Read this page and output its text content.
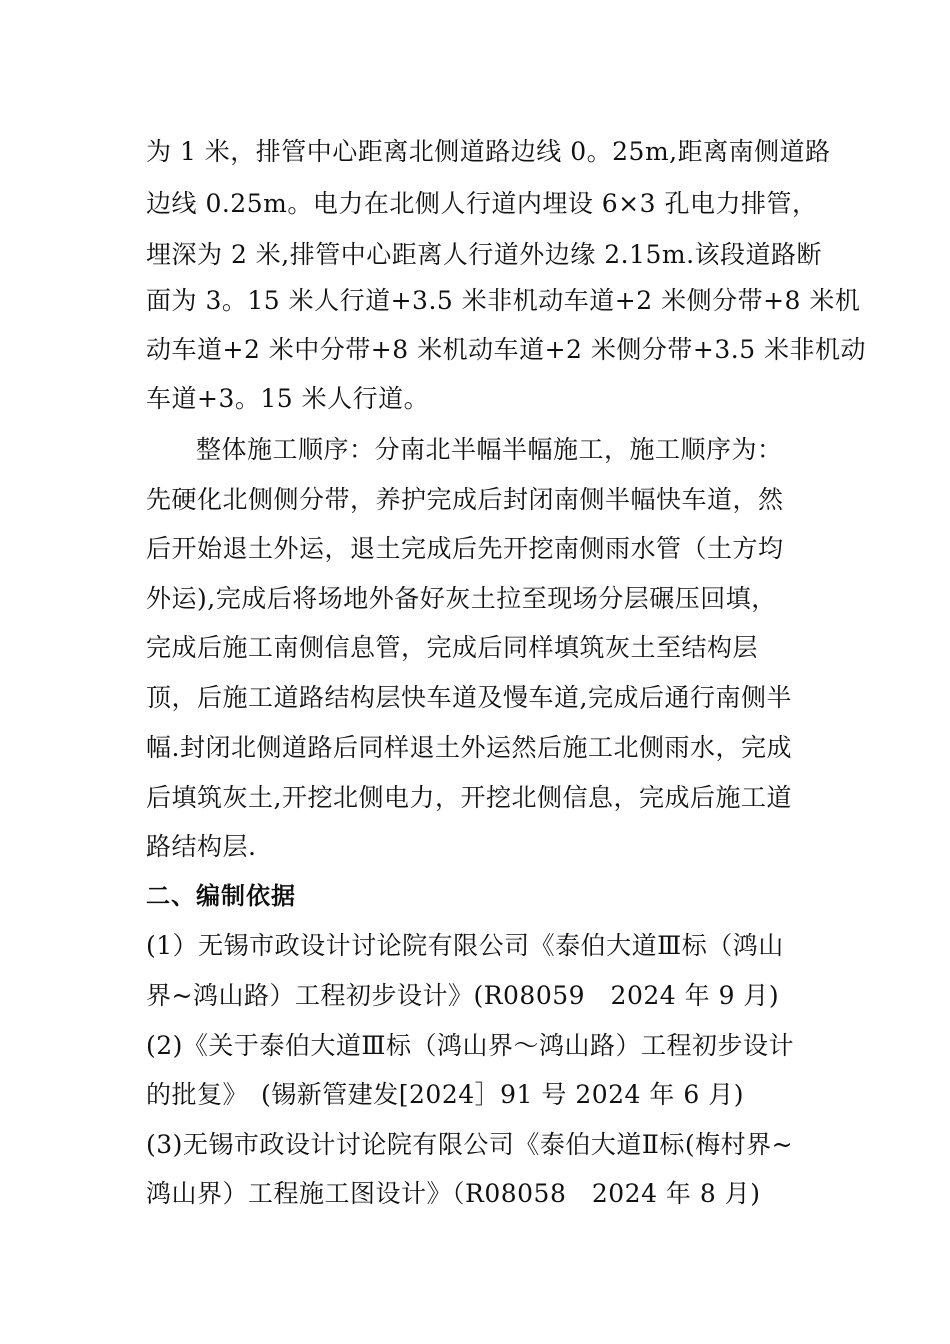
为 1 米，排管中心距离北侧道路边线 0。25m,距离南侧道路
边线 0.25m。电力在北侧人行道内埋设 6×3 孔电力排管，
埋深为 2 米,排管中心距离人行道外边缘 2.15m.该段道路断
面为 3。15 米人行道+3.5 米非机动车道+2 米侧分带+8 米机
动车道+2 米中分带+8 米机动车道+2 米侧分带+3.5 米非机动
车道+3。15 米人行道。
整体施工顺序：分南北半幅半幅施工，施工顺序为：
先硬化北侧侧分带，养护完成后封闭南侧半幅快车道，然
后开始退土外运，退土完成后先开挖南侧雨水管（土方均
外运),完成后将场地外备好灰土拉至现场分层碾压回填，
完成后施工南侧信息管，完成后同样填筑灰土至结构层
顶，后施工道路结构层快车道及慢车道,完成后通行南侧半
幅.封闭北侧道路后同样退土外运然后施工北侧雨水，完成
后填筑灰土,开挖北侧电力，开挖北侧信息，完成后施工道
路结构层.
二、编制依据
(1）无锡市政设计讨论院有限公司《泰伯大道Ⅲ标（鸿山
界~鸿山路）工程初步设计》(R08059　2024 年 9 月)
(2)《关于泰伯大道Ⅲ标（鸿山界～鸿山路）工程初步设计
的批复》　(锡新管建发[2024］91 号 2024 年 6 月)
(3)无锡市政设计讨论院有限公司《泰伯大道Ⅱ标(梅村界~
鸿山界）工程施工图设计》（R08058　2024 年 8 月)
